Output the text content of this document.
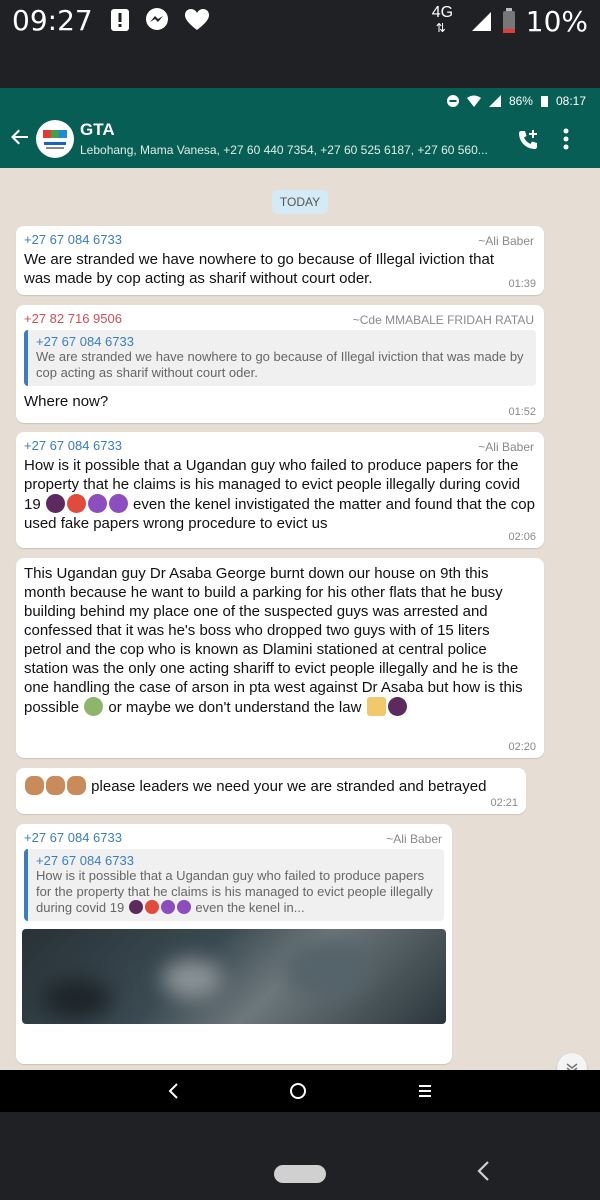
09:27	4G
⇅	10%
86% 08:17
GTA
Lebohang, Mama Vanesa, +27 60 440 7354, +27 60 525 6187, +27 60 560...
TODAY
+27 67 084 6733	~Ali Baber
We are stranded we have nowhere to go because of Illegal iviction that was made by cop acting as sharif without court oder.	01:39
+27 82 716 9506	~Cde MMABALE FRIDAH RATAU
+27 67 084 6733
We are stranded we have nowhere to go because of Illegal iviction that was made by cop acting as sharif without court oder.
Where now?
01:52
+27 67 084 6733	~Ali Baber
How is it possible that a Ugandan guy who failed to produce papers for the property that he claims is his managed to evict people illegally during covid 19	even the kenel invistigated the matter and found that the cop used fake papers wrong procedure to evict us
02:06
This Ugandan guy Dr Asaba George burnt down our house on 9th this month because he want to build a parking for his other flats that he busy building behind my place one of the suspected guys was arrested and confessed that it was he's boss who dropped two guys with of 15 liters petrol and the cop who is known as Dlamini stationed at central police station was the only one acting shariff to evict people illegally and he is the one handling the case of arson in pta west against Dr Asaba but how is this possible or maybe we don't understand the law
02:20
please leaders we need your we are stranded and betrayed
02:21
+27 67 084 6733	~Ali Baber
+27 67 084 6733
How is it possible that a Ugandan guy who failed to produce papers for the property that he claims is his managed to evict people illegally during covid 19	even the kenel in...
Type a message
